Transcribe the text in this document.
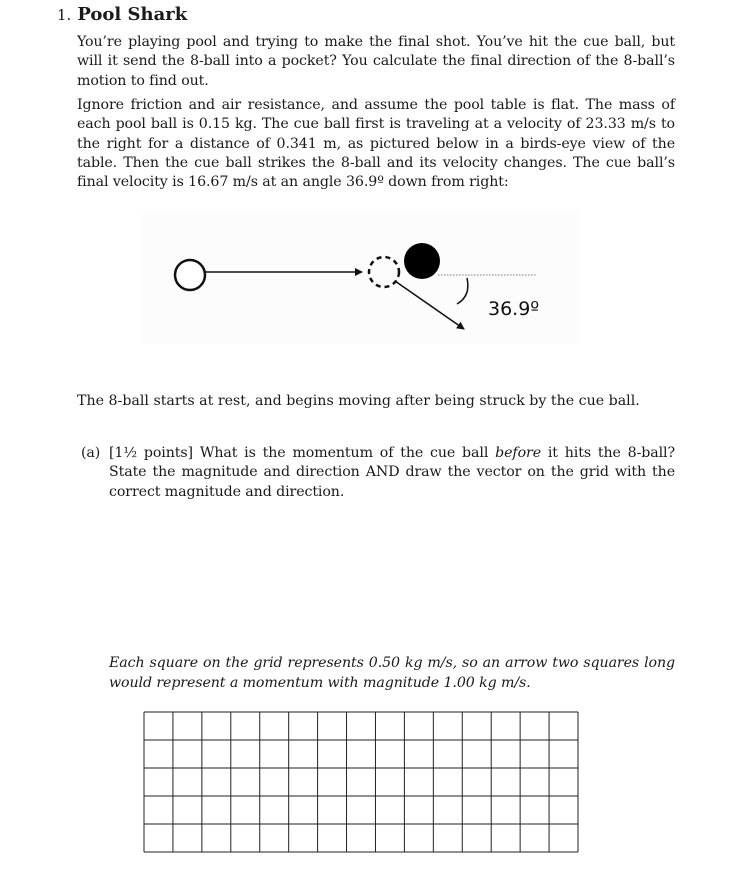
1. Pool Shark
You’re playing pool and trying to make the final shot. You’ve hit the cue ball, but will it send the 8-ball into a pocket? You calculate the final direction of the 8-ball’s motion to find out.
Ignore friction and air resistance, and assume the pool table is flat. The mass of each pool ball is 0.15 kg. The cue ball first is traveling at a velocity of 23.33 m/s to the right for a distance of 0.341 m, as pictured below in a birds-eye view of the table. Then the cue ball strikes the 8-ball and its velocity changes. The cue ball’s final velocity is 16.67 m/s at an angle 36.9º down from right:
36.9º
The 8-ball starts at rest, and begins moving after being struck by the cue ball.
(a) [1½ points] What is the momentum of the cue ball before it hits the 8-ball? State the magnitude and direction AND draw the vector on the grid with the correct magnitude and direction.
Each square on the grid represents 0.50 kg m/s, so an arrow two squares long would represent a momentum with magnitude 1.00 kg m/s.
